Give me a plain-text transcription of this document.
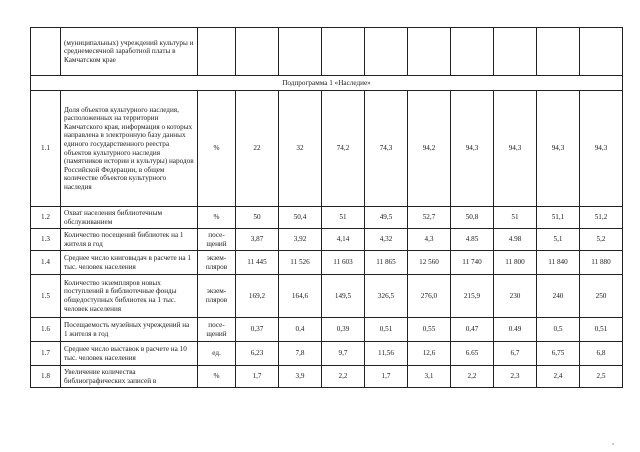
	(муниципальных) учреждений культуры и среднемесячной заработной платы в Камчатском крае										
Подпрограмма 1 «Наследие»											
1.1	Доля объектов культурного наследия, расположенных на территории Камчатского края, информация о которых направлена в электронную базу данных единого государственного реестра объектов культурного наследия (памятников истории и культуры) народов Российской Федерации, в общем количестве объектов культурного наследия	%	22	32	74,2	74,3	94,2	94,3	94,3	94,3	94,3
1.2	Охват населения библиотечным обслуживанием	%	50	50,4	51	49,5	52,7	50,8	51	51,1	51,2
1.3	Количество посещений библиотек на 1 жителя в год	посе-щений	3,87	3,92	4,14	4,32	4,3	4.85	4.98	5,1	5,2
1.4	Среднее число книговыдач в расчете на 1 тыс. человек населения	экзем-пляров	11 445	11 526	11 603	11 865	12 560	11 740	11 800	11 840	11 880
1.5	Количество экземпляров новых поступлений в библиотечные фонды общедоступных библиотек на 1 тыс. человек населения	экзем-пляров	169,2	164,6	149,5	326,5	276,0	215,9	230	240	250
1.6	Посещаемость музейных учреждений на 1 жителя в год	посе-щений	0,37	0,4	0,39	0,51	0,55	0,47	0.49	0,5	0,51
1.7	Среднее число выставок в расчете на 10 тыс. человек населения	ед.	6,23	7,8	9,7	11,56	12,6	6.65	6,7	6,75	6,8
1.8	Увеличение количества библиографических записей в	%	1,7	3,9	2,2	1,7	3,1	2,2	2,3	2,4	2,5
